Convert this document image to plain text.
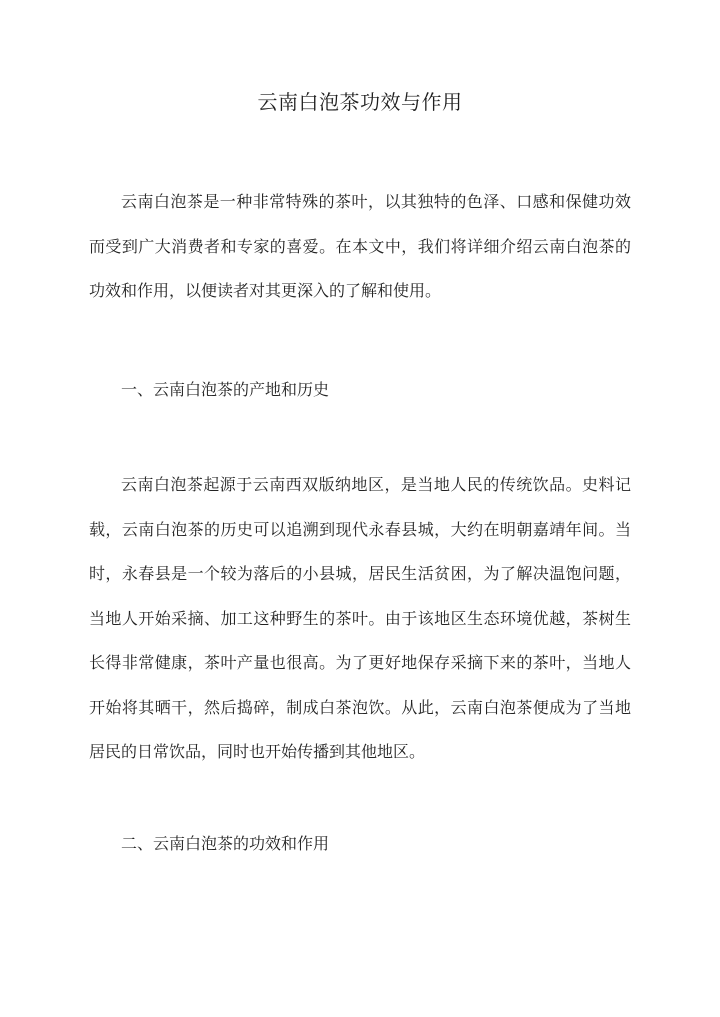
云南白泡茶功效与作用

云南白泡茶是一种非常特殊的茶叶，以其独特的色泽、口感和保健功效而受到广大消费者和专家的喜爱。在本文中，我们将详细介绍云南白泡茶的功效和作用，以便读者对其更深入的了解和使用。

一、云南白泡茶的产地和历史

云南白泡茶起源于云南西双版纳地区，是当地人民的传统饮品。史料记载，云南白泡茶的历史可以追溯到现代永春县城，大约在明朝嘉靖年间。当时，永春县是一个较为落后的小县城，居民生活贫困，为了解决温饱问题，当地人开始采摘、加工这种野生的茶叶。由于该地区生态环境优越，茶树生长得非常健康，茶叶产量也很高。为了更好地保存采摘下来的茶叶，当地人开始将其晒干，然后捣碎，制成白茶泡饮。从此，云南白泡茶便成为了当地居民的日常饮品，同时也开始传播到其他地区。

二、云南白泡茶的功效和作用
